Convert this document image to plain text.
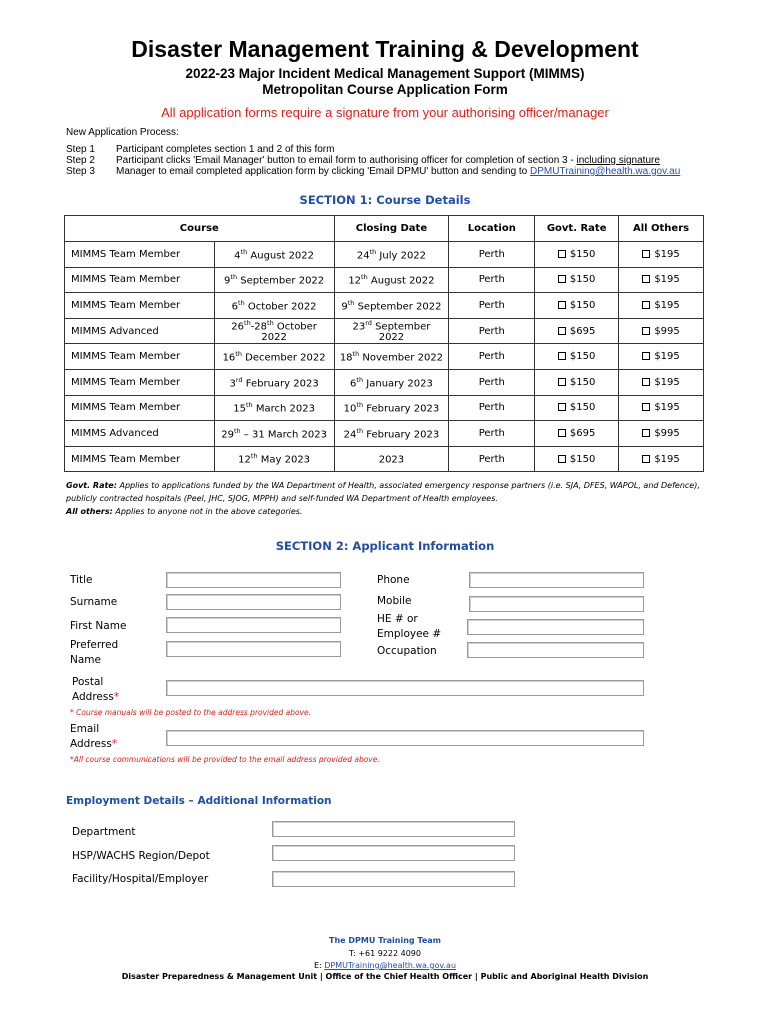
Disaster Management Training & Development
2022-23 Major Incident Medical Management Support (MIMMS)
Metropolitan Course Application Form
All application forms require a signature from your authorising officer/manager
New Application Process:
Step 1 Participant completes section 1 and 2 of this form
Step 2 Participant clicks 'Email Manager' button to email form to authorising officer for completion of section 3 - including signature
Step 3 Manager to email completed application form by clicking 'Email DPMU' button and sending to DPMUTraining@health.wa.gov.au
SECTION 1: Course Details
Course		Closing Date	Location	Govt. Rate	All Others
MIMMS Team Member	4th August 2022	24th July 2022	Perth	$150	$195
MIMMS Team Member	9th September 2022	12th August 2022	Perth	$150	$195
MIMMS Team Member	6th October 2022	9th September 2022	Perth	$150	$195
MIMMS Advanced	26th-28th October 2022	23rd September 2022	Perth	$695	$995
MIMMS Team Member	16th December 2022	18th November 2022	Perth	$150	$195
MIMMS Team Member	3rd February 2023	6th January 2023	Perth	$150	$195
MIMMS Team Member	15th March 2023	10th February 2023	Perth	$150	$195
MIMMS Advanced	29th – 31 March 2023	24th February 2023	Perth	$695	$995
MIMMS Team Member	12th May 2023	2023	Perth	$150	$195
Govt. Rate: Applies to applications funded by the WA Department of Health, associated emergency response partners (i.e. SJA, DFES, WAPOL, and Defence), publicly contracted hospitals (Peel, JHC, SJOG, MPPH) and self-funded WA Department of Health employees.
All others: Applies to anyone not in the above categories.
SECTION 2: Applicant Information
Title
Surname
First Name
Preferred
Name
Phone
Mobile
HE # or
Employee #
Occupation
Postal
Address*
* Course manuals will be posted to the address provided above.
Email
Address*
*All course communications will be provided to the email address provided above.
Employment Details – Additional Information
Department
HSP/WACHS Region/Depot
Facility/Hospital/Employer
The DPMU Training Team
T: +61 9222 4090
E: DPMUTraining@health.wa.gov.au
Disaster Preparedness & Management Unit | Office of the Chief Health Officer | Public and Aboriginal Health Division
